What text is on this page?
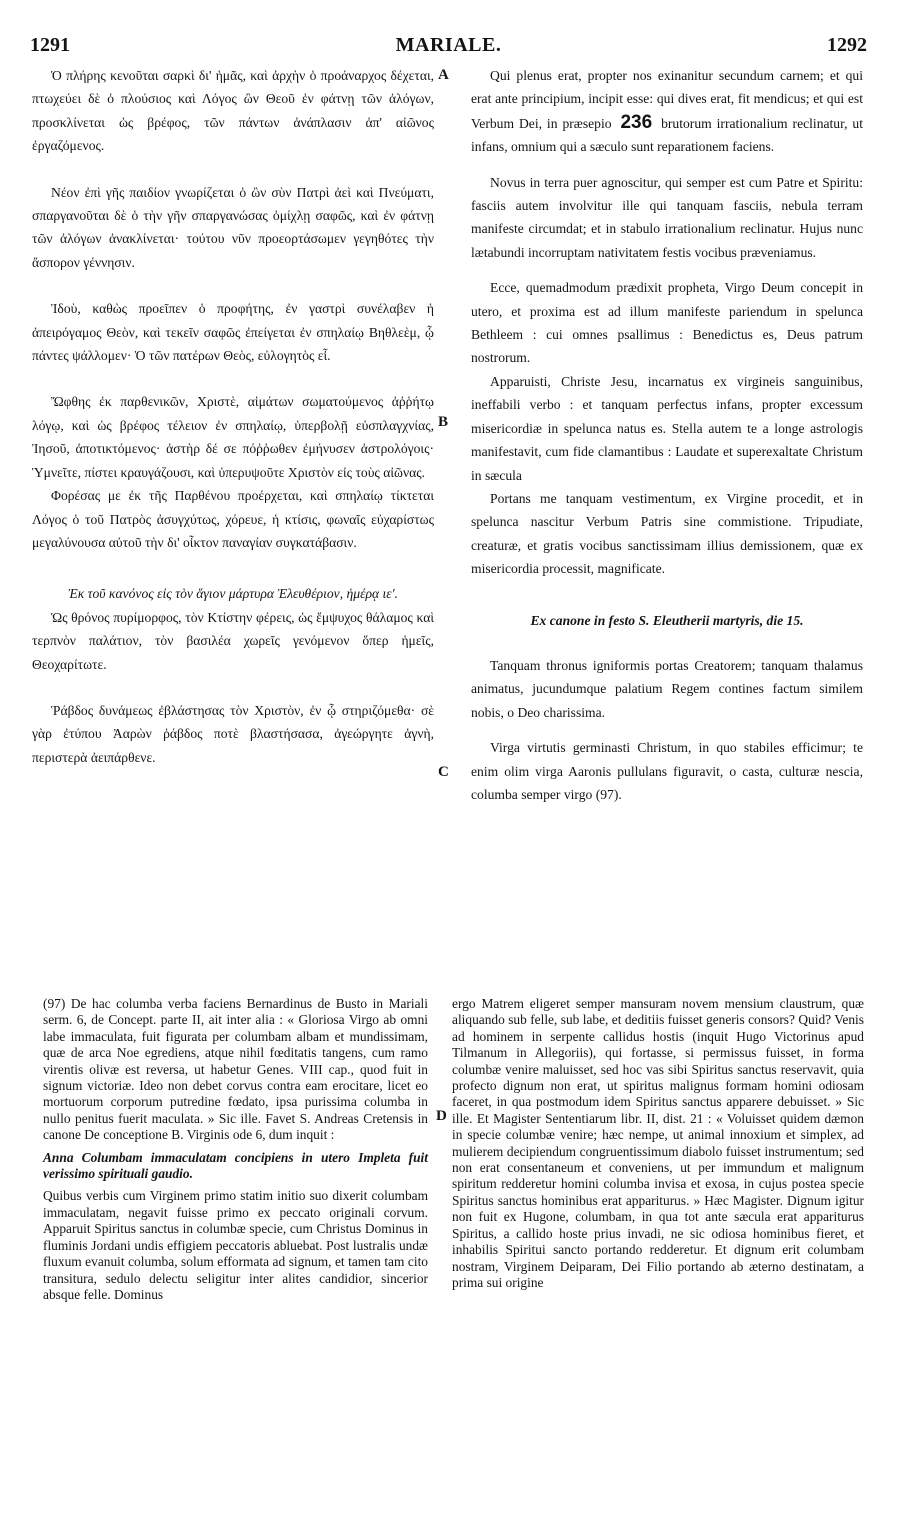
1291	MARIALE.	1292
A
B
C
D

Ὁ πλήρης κενοῦται σαρκὶ δι' ἡμᾶς, καὶ ἀρχὴν ὁ προάναρχος δέχεται, πτωχεύει δὲ ὁ πλούσιος καὶ Λόγος ὢν Θεοῦ ἐν φάτνῃ τῶν ἀλόγων, προσκλίνεται ὡς βρέφος, τῶν πάντων ἀνάπλασιν ἀπ' αἰῶνος ἐργαζόμενος.

Νέον ἐπὶ γῆς παιδίον γνωρίζεται ὁ ὢν σὺν Πατρὶ ἀεὶ καὶ Πνεύματι, σπαργανοῦται δὲ ὁ τὴν γῆν σπαργανώσας ὁμίχλῃ σαφῶς, καὶ ἐν φάτνῃ τῶν ἀλόγων ἀνακλίνεται· τούτου νῦν προεορτάσωμεν γεγηθότες τὴν ἄσπορον γέννησιν.

Ἰδοὺ, καθὼς προεῖπεν ὁ προφήτης, ἐν γαστρὶ συνέλαβεν ἡ ἀπειρόγαμος Θεὸν, καὶ τεκεῖν σαφῶς ἐπείγεται ἐν σπηλαίῳ Βηθλεὲμ, ᾧ πάντες ψάλλομεν· Ὁ τῶν πατέρων Θεὸς, εὐλογητὸς εἶ.

Ὤφθης ἐκ παρθενικῶν, Χριστὲ, αἱμάτων σωματούμενος ἀῤῥήτῳ λόγῳ, καὶ ὡς βρέφος τέλειον ἐν σπηλαίῳ, ὑπερβολῇ εὐσπλαγχνίας, Ἰησοῦ, ἀποτικτόμενος· ἀστὴρ δέ σε πόῤῥωθεν ἐμήνυσεν ἀστρολόγοις· Ὑμνεῖτε, πίστει κραυγάζουσι, καὶ ὑπερυψοῦτε Χριστὸν εἰς τοὺς αἰῶνας.

Φορέσας με ἐκ τῆς Παρθένου προέρχεται, καὶ σπηλαίῳ τίκτεται Λόγος ὁ τοῦ Πατρὸς ἀσυγχύτως, χόρευε, ἡ κτίσις, φωναῖς εὐχαρίστως μεγαλύνουσα αὐτοῦ τὴν δι' οἶκτον παναγίαν συγκατάβασιν.

Ἐκ τοῦ κανόνος εἰς τὸν ἅγιον μάρτυρα Ἐλευθέριον, ἡμέρᾳ ιε'.

Ὡς θρόνος πυρίμορφος, τὸν Κτίστην φέρεις, ὡς ἔμψυχος θάλαμος καὶ τερπνὸν παλάτιον, τὸν βασιλέα χωρεῖς γενόμενον ὅπερ ἡμεῖς, Θεοχαρίτωτε.

Ῥάβδος δυνάμεως ἐβλάστησας τὸν Χριστὸν, ἐν ᾧ στηριζόμεθα· σὲ γὰρ ἐτύπου Ἀαρὼν ῥάβδος ποτὲ βλαστήσασα, ἀγεώργητε ἁγνὴ, περιστερὰ ἀειπάρθενε.

Qui plenus erat, propter nos exinanitur secundum carnem; et qui erat ante principium, incipit esse: qui dives erat, fit mendicus; et qui est Verbum Dei, in præsepio 236 brutorum irrationalium reclinatur, ut infans, omnium qui a sæculo sunt reparationem faciens.

Novus in terra puer agnoscitur, qui semper est cum Patre et Spiritu: fasciis autem involvitur ille qui tanquam fasciis, nebula terram manifeste circumdat; et in stabulo irrationalium reclinatur. Hujus nunc lætabundi incorruptam nativitatem festis vocibus præveniamus.

Ecce, quemadmodum prædixit propheta, Virgo Deum concepit in utero, et proxima est ad illum manifeste pariendum in spelunca Bethleem : cui omnes psallimus : Benedictus es, Deus patrum nostrorum.

Apparuisti, Christe Jesu, incarnatus ex virgineis sanguinibus, ineffabili verbo : et tanquam perfectus infans, propter excessum misericordiæ in spelunca natus es. Stella autem te a longe astrologis manifestavit, cum fide clamantibus : Laudate et superexaltate Christum in sæcula

Portans me tanquam vestimentum, ex Virgine procedit, et in spelunca nascitur Verbum Patris sine commistione. Tripudiate, creaturæ, et gratis vocibus sanctissimam illius demissionem, quæ ex misericordia processit, magnificate.

Ex canone in festo S. Eleutherii martyris, die 15.

Tanquam thronus igniformis portas Creatorem; tanquam thalamus animatus, jucundumque palatium Regem contines factum similem nobis, o Deo charissima.

Virga virtutis germinasti Christum, in quo stabiles efficimur; te enim olim virga Aaronis pullulans figuravit, o casta, culturæ nescia, columba semper virgo (97).

(97) De hac columba verba faciens Bernardinus de Busto in Mariali serm. 6, de Concept. parte II, ait inter alia : « Gloriosa Virgo ab omni labe immaculata, fuit figurata per columbam albam et mundissimam, quæ de arca Noe egrediens, atque nihil fœditatis tangens, cum ramo virentis olivæ est reversa, ut habetur Genes. VIII cap., quod fuit in signum victoriæ. Ideo non debet corvus contra eam erocitare, licet eo mortuorum corporum putredine fœdato, ipsa purissima columba in nullo penitus fuerit maculata. » Sic ille. Favet S. Andreas Cretensis in canone De conceptione B. Virginis ode 6, dum inquit :

Anna Columbam immaculatam concipiens in utero Impleta fuit verissimo spirituali gaudio.

Quibus verbis cum Virginem primo statim initio suo dixerit columbam immaculatam, negavit fuisse primo ex peccato originali corvum. Apparuit Spiritus sanctus in columbæ specie, cum Christus Dominus in fluminis Jordani undis effigiem peccatoris abluebat. Post lustralis undæ fluxum evanuit columba, solum efformata ad signum, et tamen tam cito transitura, sedulo delectu seligitur inter alites candidior, sincerior absque felle. Dominus

ergo Matrem eligeret semper mansuram novem mensium claustrum, quæ aliquando sub felle, sub labe, et deditiis fuisset generis consors? Quid? Venis ad hominem in serpente callidus hostis (inquit Hugo Victorinus apud Tilmanum in Allegoriis), qui fortasse, si permissus fuisset, in forma columbæ venire maluisset, sed hoc vas sibi Spiritus sanctus reservavit, quia profecto dignum non erat, ut spiritus malignus formam homini odiosam faceret, in qua postmodum idem Spiritus sanctus apparere debuisset. » Sic ille. Et Magister Sententiarum libr. II, dist. 21 : « Voluisset quidem dæmon in specie columbæ venire; hæc nempe, ut animal innoxium et simplex, ad mulierem decipiendum congruentissimum diabolo fuisset instrumentum; sed non erat consentaneum et conveniens, ut per immundum et malignum spiritum redderetur homini columba invisa et exosa, in cujus postea specie Spiritus sanctus hominibus erat appariturus. » Hæc Magister. Dignum igitur non fuit ex Hugone, columbam, in qua tot ante sæcula erat appariturus Spiritus, a callido hoste prius invadi, ne sic odiosa hominibus fieret, et inhabilis Spiritui sancto portando redderetur. Et dignum erit columbam nostram, Virginem Deiparam, Dei Filio portando ab æterno destinatam, a prima sui origine
